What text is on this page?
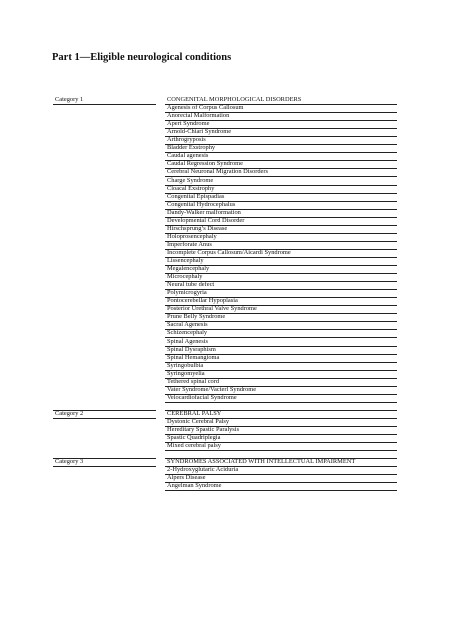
Part 1—Eligible neurological conditions
Category 1	CONGENITAL MORPHOLOGICAL DISORDERS
Agenesis of Corpus Callosum
Anorectal Malformation
Apert Syndrome
Arnold-Chiari Syndrome
Arthrogryposis
Bladder Exstrophy
Caudal agenesis
Caudal Regression Syndrome
Cerebral Neuronal Migration Disorders
Charge Syndrome
Cloacal Exstrophy
Congenital Epispadias
Congenital Hydrocephalus
Dandy-Walker malformation
Developmental Cord Disorder
Hirschsprung’s Disease
Holoprosencephaly
Imperforate Anus
Incomplete Corpus Callosum/Aicardi Syndrome
Lissencephaly
Megalencephaly
Microcephaly
Neural tube defect
Polymicrogyria
Pontocerebellar Hypoplasia
Posterior Urethral Valve Syndrome
Prune Belly Syndrome
Sacral Agenesis
Schizencephaly
Spinal Agenesis
Spinal Dysraphism
Spinal Hemangioma
Syringobulbia
Syringomyelia
Tethered spinal cord
Vater Syndrome/Vacterl Syndrome
Velocardiofacial Syndrome
Category 2	CEREBRAL PALSY
Dystonic Cerebral Palsy
Hereditary Spastic Paralysis
Spastic Quadriplegia
Mixed cerebral palsy
Category 3	SYNDROMES ASSOCIATED WITH INTELLECTUAL IMPAIRMENT
2-Hydroxyglutaric Aciduria
Alpers Disease
Angelman Syndrome
